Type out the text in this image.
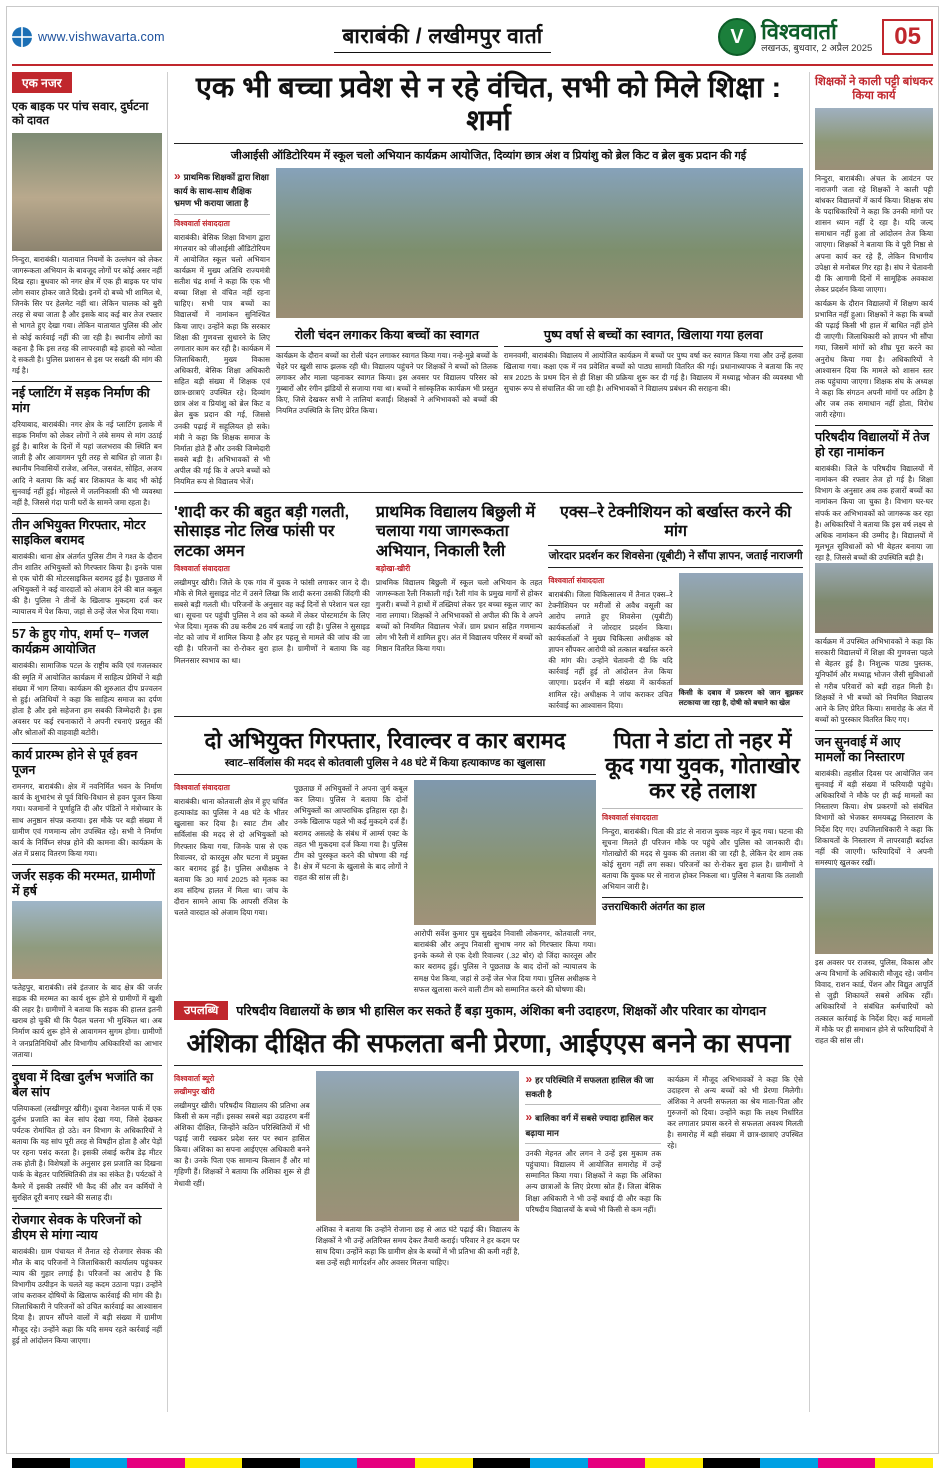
www.vishwavarta.com	बाराबंकी / लखीमपुर वार्ता	V विश्ववार्ता
लखनऊ, बुधवार, 2 अप्रैल 2025 05
एक नजर
एक बाइक पर पांच सवार, दुर्घटना को दावत
निन्दुरा, बाराबंकी। यातायात नियमों के उल्लंघन को लेकर जागरूकता अभियान के बावजूद लोगों पर कोई असर नहीं दिख रहा। बुधवार को नगर क्षेत्र में एक ही बाइक पर पांच लोग सवार होकर जाते दिखे। इनमें दो बच्चे भी शामिल थे, जिनके सिर पर हेलमेट नहीं था। लेकिन चालक को बुरी तरह से बचा जाता है और इसके बाद कई बार तेज रफ्तार से भागते हुए देखा गया। लेकिन यातायात पुलिस की ओर से कोई कार्रवाई नहीं की जा रही है। स्थानीय लोगों का कहना है कि इस तरह की लापरवाही बड़े हादसे को न्योता दे सकती है। पुलिस प्रशासन से इस पर सख्ती की मांग की गई है।
नई प्लाटिंग में सड़क निर्माण की मांग
दरियाबाद, बाराबंकी। नगर क्षेत्र के नई प्लाटिंग इलाके में सड़क निर्माण को लेकर लोगों ने लंबे समय से मांग उठाई हुई है। बारिश के दिनों में यहां जलभराव की स्थिति बन जाती है और आवागमन पूरी तरह से बाधित हो जाता है। स्थानीय निवासियों राजेश, अनिल, जसवंत, सोहित, अजय आदि ने बताया कि कई बार शिकायत के बाद भी कोई सुनवाई नहीं हुई। मोहल्ले में जलनिकासी की भी व्यवस्था नहीं है, जिससे गंदा पानी घरों के सामने जमा रहता है।
तीन अभियुक्त गिरफ्तार, मोटर साइकिल बरामद
बाराबंकी। थाना क्षेत्र अंतर्गत पुलिस टीम ने गश्त के दौरान तीन शातिर अभियुक्तों को गिरफ्तार किया है। इनके पास से एक चोरी की मोटरसाइकिल बरामद हुई है। पूछताछ में अभियुक्तों ने कई वारदातों को अंजाम देने की बात कबूल की है। पुलिस ने तीनों के खिलाफ मुकदमा दर्ज कर न्यायालय में पेश किया, जहां से उन्हें जेल भेज दिया गया।
57 के हुए गोप, शर्मा ए– गजल कार्यक्रम आयोजित
बाराबंकी। सामाजिक पटल के राष्ट्रीय कवि एवं गजलकार की स्मृति में आयोजित कार्यक्रम में साहित्य प्रेमियों ने बड़ी संख्या में भाग लिया। कार्यक्रम की शुरुआत दीप प्रज्वलन से हुई। अतिथियों ने कहा कि साहित्य समाज का दर्पण होता है और इसे सहेजना हम सबकी जिम्मेदारी है। इस अवसर पर कई रचनाकारों ने अपनी रचनाएं प्रस्तुत कीं और श्रोताओं की वाहवाही बटोरी।
कार्य प्रारम्भ होने से पूर्व हवन पूजन
रामनगर, बाराबंकी। क्षेत्र में नवनिर्मित भवन के निर्माण कार्य के शुभारंभ से पूर्व विधि-विधान से हवन पूजन किया गया। यजमानों ने पूर्णाहुति दी और पंडितों ने मंत्रोच्चार के साथ अनुष्ठान संपन्न कराया। इस मौके पर बड़ी संख्या में ग्रामीण एवं गणमान्य लोग उपस्थित रहे। सभी ने निर्माण कार्य के निर्विघ्न संपन्न होने की कामना की। कार्यक्रम के अंत में प्रसाद वितरण किया गया।
जर्जर सड़क की मरम्मत, ग्रामीणों में हर्ष
फतेहपुर, बाराबंकी। लंबे इंतजार के बाद क्षेत्र की जर्जर सड़क की मरम्मत का कार्य शुरू होने से ग्रामीणों में खुशी की लहर है। ग्रामीणों ने बताया कि सड़क की हालत इतनी खराब हो चुकी थी कि पैदल चलना भी मुश्किल था। अब निर्माण कार्य शुरू होने से आवागमन सुगम होगा। ग्रामीणों ने जनप्रतिनिधियों और विभागीय अधिकारियों का आभार जताया।
दुधवा में दिखा दुर्लभ भजांति का बेल सांप
पलियाकलां (लखीमपुर खीरी)। दुधवा नेशनल पार्क में एक दुर्लभ प्रजाति का बेल सांप देखा गया, जिसे देखकर पर्यटक रोमांचित हो उठे। वन विभाग के अधिकारियों ने बताया कि यह सांप पूरी तरह से विषहीन होता है और पेड़ों पर रहना पसंद करता है। इसकी लंबाई करीब डेढ़ मीटर तक होती है। विशेषज्ञों के अनुसार इस प्रजाति का दिखना पार्क के बेहतर पारिस्थितिकी तंत्र का संकेत है। पर्यटकों ने कैमरे में इसकी तस्वीरें भी कैद कीं और वन कर्मियों ने सुरक्षित दूरी बनाए रखने की सलाह दी।
रोजगार सेवक के परिजनों को डीएम से मांगा न्याय
बाराबंकी। ग्राम पंचायत में तैनात रहे रोजगार सेवक की मौत के बाद परिजनों ने जिलाधिकारी कार्यालय पहुंचकर न्याय की गुहार लगाई है। परिजनों का आरोप है कि विभागीय उत्पीड़न के चलते यह कदम उठाना पड़ा। उन्होंने जांच कराकर दोषियों के खिलाफ कार्रवाई की मांग की है। जिलाधिकारी ने परिजनों को उचित कार्रवाई का आश्वासन दिया है। ज्ञापन सौंपने वालों में बड़ी संख्या में ग्रामीण मौजूद रहे। उन्होंने कहा कि यदि समय रहते कार्रवाई नहीं हुई तो आंदोलन किया जाएगा।
एक भी बच्चा प्रवेश से न रहे वंचित, सभी को मिले शिक्षा : शर्मा
जीआईसी ऑडिटोरियम में स्कूल चलो अभियान कार्यक्रम आयोजित, दिव्यांग छात्र अंश व प्रियांशु को ब्रेल किट व ब्रेल बुक प्रदान की गई
» प्राथमिक शिक्षकों द्वारा शिक्षा कार्य के साथ-साथ शैक्षिक भ्रमण भी कराया जाता है
विश्ववार्ता संवाददाता
बाराबंकी। बेसिक शिक्षा विभाग द्वारा मंगलवार को जीआईसी ऑडिटोरियम में आयोजित स्कूल चलो अभियान कार्यक्रम में मुख्य अतिथि राज्यमंत्री सतीश चंद्र शर्मा ने कहा कि एक भी बच्चा शिक्षा से वंचित नहीं रहना चाहिए। सभी पात्र बच्चों का विद्यालयों में नामांकन सुनिश्चित किया जाए। उन्होंने कहा कि सरकार शिक्षा की गुणवत्ता सुधारने के लिए लगातार काम कर रही है। कार्यक्रम में जिलाधिकारी, मुख्य विकास अधिकारी, बेसिक शिक्षा अधिकारी सहित बड़ी संख्या में शिक्षक एवं छात्र-छात्राएं उपस्थित रहे। दिव्यांग छात्र अंश व प्रियांशु को ब्रेल किट व ब्रेल बुक प्रदान की गई, जिससे उनकी पढ़ाई में सहूलियत हो सके। मंत्री ने कहा कि शिक्षक समाज के निर्माता होते हैं और उनकी जिम्मेदारी सबसे बड़ी है। अभिभावकों से भी अपील की गई कि वे अपने बच्चों को नियमित रूप से विद्यालय भेजें।
रोली चंदन लगाकर किया बच्चों का स्वागत
कार्यक्रम के दौरान बच्चों का रोली चंदन लगाकर स्वागत किया गया। नन्हे-मुन्ने बच्चों के चेहरे पर खुशी साफ झलक रही थी। विद्यालय पहुंचने पर शिक्षकों ने बच्चों को तिलक लगाकर और माला पहनाकर स्वागत किया। इस अवसर पर विद्यालय परिसर को गुब्बारों और रंगीन झंडियों से सजाया गया था। बच्चों ने सांस्कृतिक कार्यक्रम भी प्रस्तुत किए, जिसे देखकर सभी ने तालियां बजाईं। शिक्षकों ने अभिभावकों को बच्चों की नियमित उपस्थिति के लिए प्रेरित किया।
पुष्प वर्षा से बच्चों का स्वागत, खिलाया गया हलवा
रामनवमी, बाराबंकी। विद्यालय में आयोजित कार्यक्रम में बच्चों पर पुष्प वर्षा कर स्वागत किया गया और उन्हें हलवा खिलाया गया। कक्षा एक में नव प्रवेशित बच्चों को पाठ्य सामग्री वितरित की गई। प्रधानाध्यापक ने बताया कि नए सत्र 2025 के प्रथम दिन से ही शिक्षा की प्रक्रिया शुरू कर दी गई है। विद्यालय में मध्याह्न भोजन की व्यवस्था भी सुचारू रूप से संचालित की जा रही है। अभिभावकों ने विद्यालय प्रबंधन की सराहना की।
'शादी कर की बहुत बड़ी गलती, सोसाइड नोट लिख फांसी पर लटका अमन
विश्ववार्ता संवाददाता
लखीमपुर खीरी। जिले के एक गांव में युवक ने फांसी लगाकर जान दे दी। मौके से मिले सुसाइड नोट में उसने लिखा कि शादी करना उसकी जिंदगी की सबसे बड़ी गलती थी। परिजनों के अनुसार वह कई दिनों से परेशान चल रहा था। सूचना पर पहुंची पुलिस ने शव को कब्जे में लेकर पोस्टमार्टम के लिए भेज दिया। मृतक की उम्र करीब 26 वर्ष बताई जा रही है। पुलिस ने सुसाइड नोट को जांच में शामिल किया है और हर पहलू से मामले की जांच की जा रही है। परिजनों का रो-रोकर बुरा हाल है। ग्रामीणों ने बताया कि वह मिलनसार स्वभाव का था।
प्राथमिक विद्यालय बिछुली में चलाया गया जागरूकता अभियान, निकाली रैली
बड़ोखा-खीरी
प्राथमिक विद्यालय बिछुली में स्कूल चलो अभियान के तहत जागरूकता रैली निकाली गई। रैली गांव के प्रमुख मार्गों से होकर गुजरी। बच्चों ने हाथों में तख्तियां लेकर 'हर बच्चा स्कूल जाए' का नारा लगाया। शिक्षकों ने अभिभावकों से अपील की कि वे अपने बच्चों को नियमित विद्यालय भेजें। ग्राम प्रधान सहित गणमान्य लोग भी रैली में शामिल हुए। अंत में विद्यालय परिसर में बच्चों को मिष्ठान वितरित किया गया।
एक्स–रे टेक्नीशियन को बर्खास्त करने की मांग
जोरदार प्रदर्शन कर शिवसेना (यूबीटी) ने सौंपा ज्ञापन, जताई नाराजगी
विश्ववार्ता संवाददाता
बाराबंकी। जिला चिकित्सालय में तैनात एक्स–रे टेक्नीशियन पर मरीजों से अवैध वसूली का आरोप लगाते हुए शिवसेना (यूबीटी) कार्यकर्ताओं ने जोरदार प्रदर्शन किया। कार्यकर्ताओं ने मुख्य चिकित्सा अधीक्षक को ज्ञापन सौंपकर आरोपी को तत्काल बर्खास्त करने की मांग की। उन्होंने चेतावनी दी कि यदि कार्रवाई नहीं हुई तो आंदोलन तेज किया जाएगा। प्रदर्शन में बड़ी संख्या में कार्यकर्ता शामिल रहे। अधीक्षक ने जांच कराकर उचित कार्रवाई का आश्वासन दिया।
किसी के दबाव में प्रकरण को जान बूझकर लटकाया जा रहा है, दोषी को बचाने का खेल
दो अभियुक्त गिरफ्तार, रिवाल्वर व कार बरामद
स्वाट–सर्विलांस की मदद से कोतवाली पुलिस ने 48 घंटे में किया हत्याकाण्ड का खुलासा
विश्ववार्ता संवाददाता
बाराबंकी। थाना कोतवाली क्षेत्र में हुए चर्चित हत्याकांड का पुलिस ने 48 घंटे के भीतर खुलासा कर दिया है। स्वाट टीम और सर्विलांस की मदद से दो अभियुक्तों को गिरफ्तार किया गया, जिनके पास से एक रिवाल्वर, दो कारतूस और घटना में प्रयुक्त कार बरामद हुई है। पुलिस अधीक्षक ने बताया कि 30 मार्च 2025 को मृतक का शव संदिग्ध हालत में मिला था। जांच के दौरान सामने आया कि आपसी रंजिश के चलते वारदात को अंजाम दिया गया।
पूछताछ में अभियुक्तों ने अपना जुर्म कबूल कर लिया। पुलिस ने बताया कि दोनों अभियुक्तों का आपराधिक इतिहास रहा है। उनके खिलाफ पहले भी कई मुकदमे दर्ज हैं। बरामद असलहे के संबंध में आर्म्स एक्ट के तहत भी मुकदमा दर्ज किया गया है। पुलिस टीम को पुरस्कृत करने की घोषणा की गई है। क्षेत्र में घटना के खुलासे के बाद लोगों ने राहत की सांस ली है।
आरोपी सर्वेश कुमार पुत्र सुखदेव निवासी लोकनगर, कोतवाली नगर, बाराबंकी और अनूप निवासी सुभाष नगर को गिरफ्तार किया गया। इनके कब्जे से एक देशी रिवाल्वर (.32 बोर) दो जिंदा कारतूस और कार बरामद हुई। पुलिस ने पूछताछ के बाद दोनों को न्यायालय के समक्ष पेश किया, जहां से उन्हें जेल भेज दिया गया। पुलिस अधीक्षक ने सफल खुलासा करने वाली टीम को सम्मानित करने की घोषणा की।
पिता ने डांटा तो नहर में कूद गया युवक, गोताखोर कर रहे तलाश
विश्ववार्ता संवाददाता
निन्दुरा, बाराबंकी। पिता की डांट से नाराज युवक नहर में कूद गया। घटना की सूचना मिलते ही परिजन मौके पर पहुंचे और पुलिस को जानकारी दी। गोताखोरों की मदद से युवक की तलाश की जा रही है, लेकिन देर शाम तक कोई सुराग नहीं लग सका। परिजनों का रो-रोकर बुरा हाल है। ग्रामीणों ने बताया कि युवक घर से नाराज होकर निकला था। पुलिस ने बताया कि तलाशी अभियान जारी है।
उत्तराधिकारी अंतर्गत का हाल
उपलब्धि	परिषदीय विद्यालयों के छात्र भी हासिल कर सकते हैं बड़ा मुकाम, अंशिका बनी उदाहरण, शिक्षकों और परिवार का योगदान
अंशिका दीक्षित की सफलता बनी प्रेरणा, आईएएस बनने का सपना
विश्ववार्ता ब्यूरो
लखीमपुर खीरी
लखीमपुर खीरी। परिषदीय विद्यालय की प्रतिभा अब किसी से कम नहीं। इसका सबसे बड़ा उदाहरण बनीं अंशिका दीक्षित, जिन्होंने कठिन परिस्थितियों में भी पढ़ाई जारी रखकर प्रदेश स्तर पर स्थान हासिल किया। अंशिका का सपना आईएएस अधिकारी बनने का है। उनके पिता एक सामान्य किसान हैं और मां गृहिणी हैं। शिक्षकों ने बताया कि अंशिका शुरू से ही मेधावी रहीं।
अंशिका ने बताया कि उन्होंने रोजाना छह से आठ घंटे पढ़ाई की। विद्यालय के शिक्षकों ने भी उन्हें अतिरिक्त समय देकर तैयारी कराई। परिवार ने हर कदम पर साथ दिया। उन्होंने कहा कि ग्रामीण क्षेत्र के बच्चों में भी प्रतिभा की कमी नहीं है, बस उन्हें सही मार्गदर्शन और अवसर मिलना चाहिए।
» हर परिस्थिति में सफलता हासिल की जा सकती है
» बालिका वर्ग में सबसे ज्यादा हासिल कर बढ़ाया मान
उनकी मेहनत और लगन ने उन्हें इस मुकाम तक पहुंचाया। विद्यालय में आयोजित समारोह में उन्हें सम्मानित किया गया। शिक्षकों ने कहा कि अंशिका अन्य छात्राओं के लिए प्रेरणा स्रोत हैं। जिला बेसिक शिक्षा अधिकारी ने भी उन्हें बधाई दी और कहा कि परिषदीय विद्यालयों के बच्चे भी किसी से कम नहीं।
कार्यक्रम में मौजूद अभिभावकों ने कहा कि ऐसे उदाहरण से अन्य बच्चों को भी प्रेरणा मिलेगी। अंशिका ने अपनी सफलता का श्रेय माता-पिता और गुरुजनों को दिया। उन्होंने कहा कि लक्ष्य निर्धारित कर लगातार प्रयास करने से सफलता अवश्य मिलती है। समारोह में बड़ी संख्या में छात्र-छात्राएं उपस्थित रहे।
शिक्षकों ने काली पट्टी बांधकर किया कार्य
निन्दुरा, बाराबंकी। अंचल के आवंटन पर नाराजगी जता रहे शिक्षकों ने काली पट्टी बांधकर विद्यालयों में कार्य किया। शिक्षक संघ के पदाधिकारियों ने कहा कि उनकी मांगों पर शासन ध्यान नहीं दे रहा है। यदि जल्द समाधान नहीं हुआ तो आंदोलन तेज किया जाएगा। शिक्षकों ने बताया कि वे पूरी निष्ठा से अपना कार्य कर रहे हैं, लेकिन विभागीय उपेक्षा से मनोबल गिर रहा है। संघ ने चेतावनी दी कि आगामी दिनों में सामूहिक अवकाश लेकर प्रदर्शन किया जाएगा।
कार्यक्रम के दौरान विद्यालयों में शिक्षण कार्य प्रभावित नहीं हुआ। शिक्षकों ने कहा कि बच्चों की पढ़ाई किसी भी हाल में बाधित नहीं होने दी जाएगी। जिलाधिकारी को ज्ञापन भी सौंपा गया, जिसमें मांगों को शीघ्र पूरा करने का अनुरोध किया गया है। अधिकारियों ने आश्वासन दिया कि मामले को शासन स्तर तक पहुंचाया जाएगा। शिक्षक संघ के अध्यक्ष ने कहा कि संगठन अपनी मांगों पर अडिग है और जब तक समाधान नहीं होता, विरोध जारी रहेगा।
परिषदीय विद्यालयों में तेज हो रहा नामांकन
बाराबंकी। जिले के परिषदीय विद्यालयों में नामांकन की रफ्तार तेज हो गई है। शिक्षा विभाग के अनुसार अब तक हजारों बच्चों का नामांकन किया जा चुका है। विभाग घर-घर संपर्क कर अभिभावकों को जागरूक कर रहा है। अधिकारियों ने बताया कि इस वर्ष लक्ष्य से अधिक नामांकन की उम्मीद है। विद्यालयों में मूलभूत सुविधाओं को भी बेहतर बनाया जा रहा है, जिससे बच्चों की उपस्थिति बढ़ी है।
कार्यक्रम में उपस्थित अभिभावकों ने कहा कि सरकारी विद्यालयों में शिक्षा की गुणवत्ता पहले से बेहतर हुई है। निशुल्क पाठ्य पुस्तक, यूनिफॉर्म और मध्याह्न भोजन जैसी सुविधाओं से गरीब परिवारों को बड़ी राहत मिली है। शिक्षकों ने भी बच्चों को नियमित विद्यालय आने के लिए प्रेरित किया। समारोह के अंत में बच्चों को पुरस्कार वितरित किए गए।
जन सुनवाई में आए मामलों का निस्तारण
बाराबंकी। तहसील दिवस पर आयोजित जन सुनवाई में बड़ी संख्या में फरियादी पहुंचे। अधिकारियों ने मौके पर ही कई मामलों का निस्तारण किया। शेष प्रकरणों को संबंधित विभागों को भेजकर समयबद्ध निस्तारण के निर्देश दिए गए। उपजिलाधिकारी ने कहा कि शिकायतों के निस्तारण में लापरवाही बर्दाश्त नहीं की जाएगी। फरियादियों ने अपनी समस्याएं खुलकर रखीं।
इस अवसर पर राजस्व, पुलिस, विकास और अन्य विभागों के अधिकारी मौजूद रहे। जमीन विवाद, राशन कार्ड, पेंशन और विद्युत आपूर्ति से जुड़ी शिकायतें सबसे अधिक रहीं। अधिकारियों ने संबंधित कर्मचारियों को तत्काल कार्रवाई के निर्देश दिए। कई मामलों में मौके पर ही समाधान होने से फरियादियों ने राहत की सांस ली।
